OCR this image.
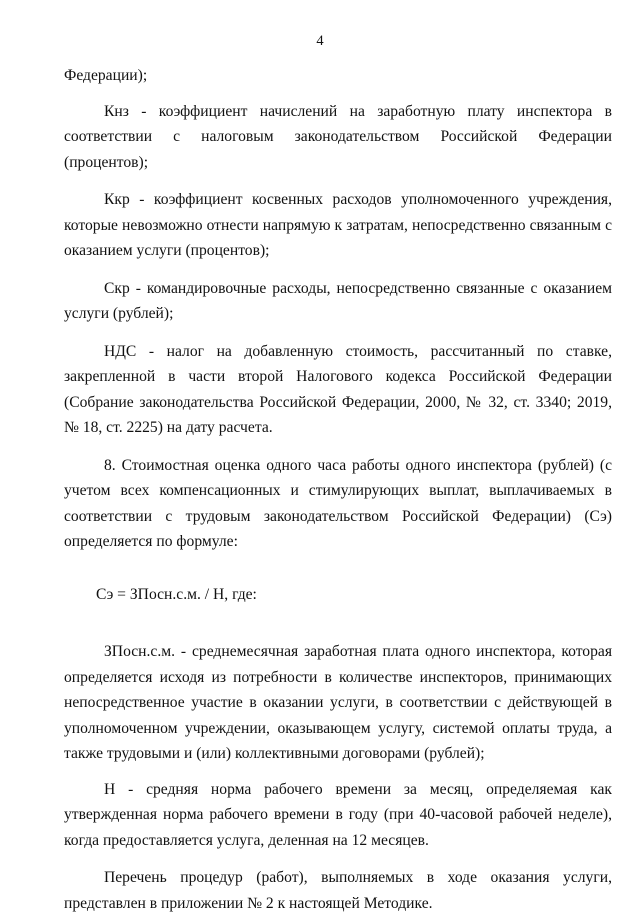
4

Федерации);

Кнз - коэффициент начислений на заработную плату инспектора в соответствии с налоговым законодательством Российской Федерации (процентов);

Ккр - коэффициент косвенных расходов уполномоченного учреждения, которые невозможно отнести напрямую к затратам, непосредственно связанным с оказанием услуги (процентов);

Скр - командировочные расходы, непосредственно связанные с оказанием услуги (рублей);

НДС - налог на добавленную стоимость, рассчитанный по ставке, закрепленной в части второй Налогового кодекса Российской Федерации (Собрание законодательства Российской Федерации, 2000, № 32, ст. 3340; 2019, № 18, ст. 2225) на дату расчета.

8. Стоимостная оценка одного часа работы одного инспектора (рублей) (с учетом всех компенсационных и стимулирующих выплат, выплачиваемых в соответствии с трудовым законодательством Российской Федерации) (Сэ) определяется по формуле:

Сэ = ЗПосн.с.м. / Н, где:

ЗПосн.с.м. - среднемесячная заработная плата одного инспектора, которая определяется исходя из потребности в количестве инспекторов, принимающих непосредственное участие в оказании услуги, в соответствии с действующей в уполномоченном учреждении, оказывающем услугу, системой оплаты труда, а также трудовыми и (или) коллективными договорами (рублей);

Н - средняя норма рабочего времени за месяц, определяемая как утвержденная норма рабочего времени в году (при 40-часовой рабочей неделе), когда предоставляется услуга, деленная на 12 месяцев.

Перечень процедур (работ), выполняемых в ходе оказания услуги, представлен в приложении № 2 к настоящей Методике.
